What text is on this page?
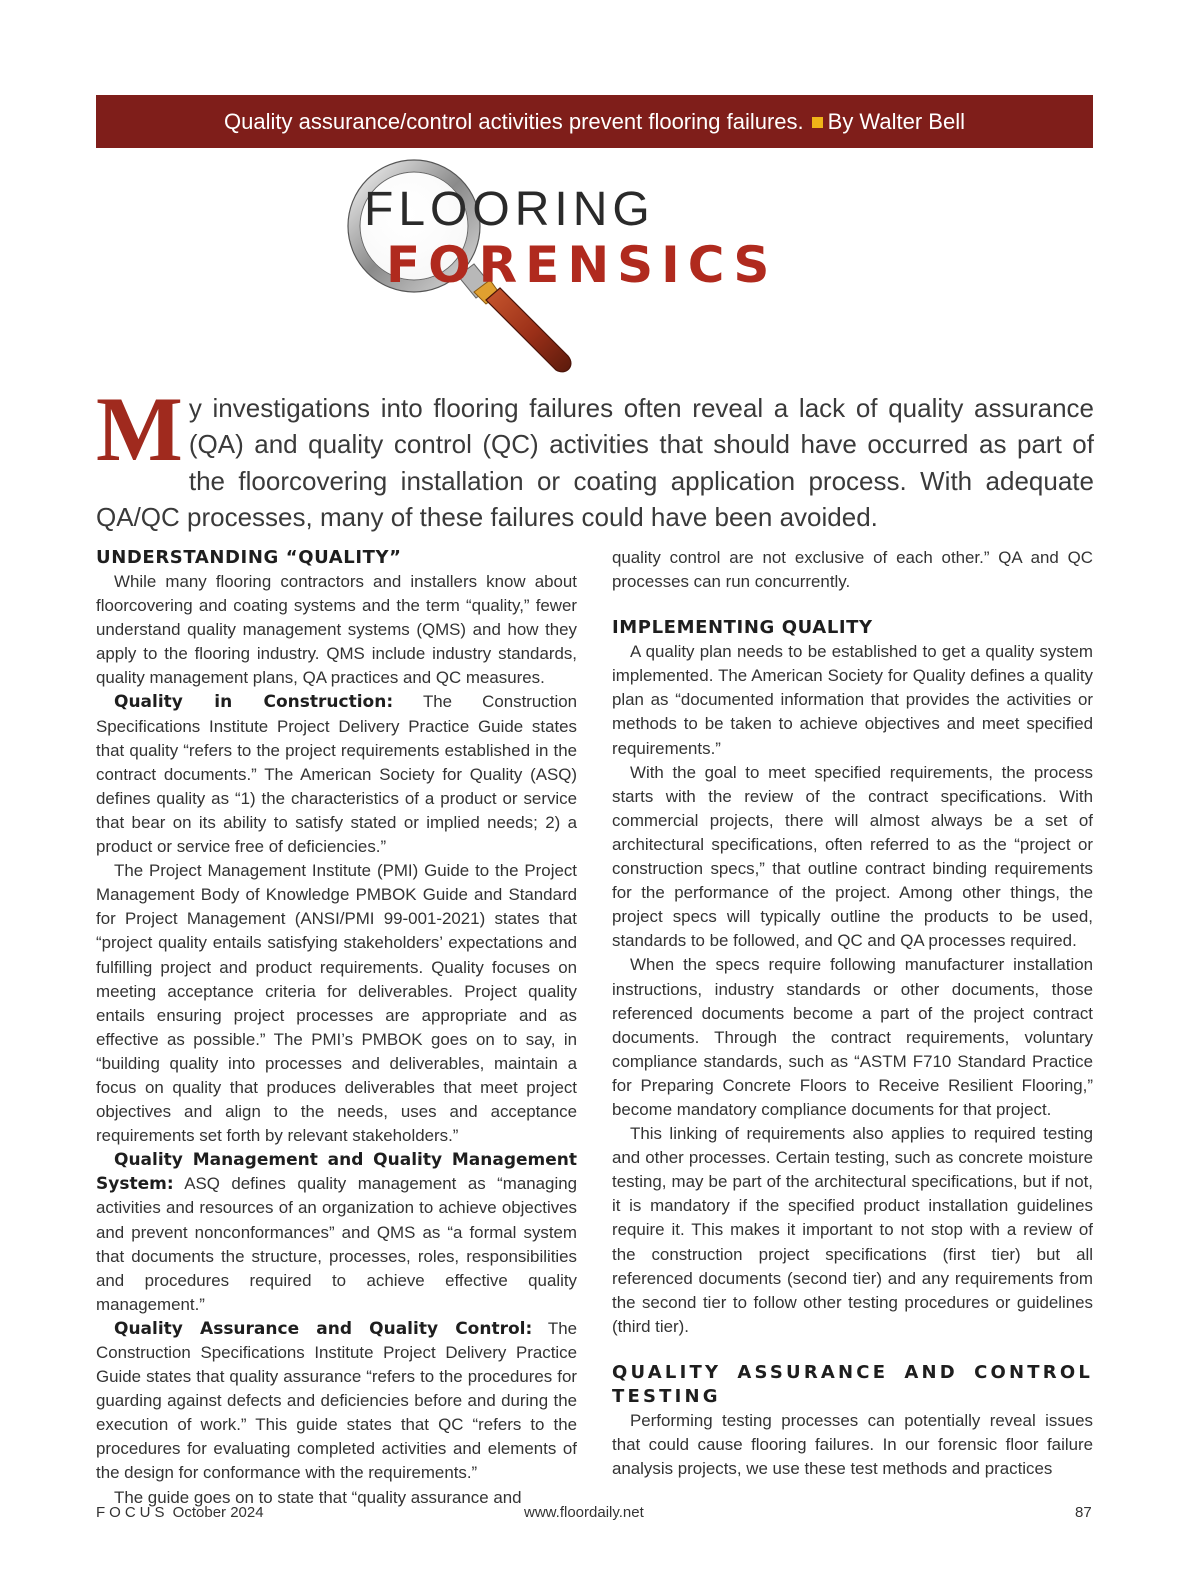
Quality assurance/control activities prevent flooring failures. By Walter Bell
FLOORING
FORENSICS
My investigations into flooring failures often reveal a lack of quality assurance (QA) and quality control (QC) activities that should have occurred as part of the floorcovering installation or coating application process. With adequate QA/QC processes, many of these failures could have been avoided.
UNDERSTANDING “QUALITY”

While many flooring contractors and installers know about floorcovering and coating systems and the term “quality,” fewer understand quality management systems (QMS) and how they apply to the flooring industry. QMS include industry standards, quality management plans, QA practices and QC measures.

Quality in Construction: The Construction Specifications Institute Project Delivery Practice Guide states that quality “refers to the project requirements established in the contract documents.” The American Society for Quality (ASQ) defines quality as “1) the characteristics of a product or service that bear on its ability to satisfy stated or implied needs; 2) a product or service free of deficiencies.”

The Project Management Institute (PMI) Guide to the Project Management Body of Knowledge PMBOK Guide and Standard for Project Management (ANSI/PMI 99-001-2021) states that “project quality entails satisfying stakeholders’ expectations and fulfilling project and product requirements. Quality focuses on meeting acceptance criteria for deliverables. Project quality entails ensuring project processes are appropriate and as effective as possible.” The PMI’s PMBOK goes on to say, in “building quality into processes and deliverables, maintain a focus on quality that produces deliverables that meet project objectives and align to the needs, uses and acceptance requirements set forth by relevant stakeholders.”

Quality Management and Quality Management System: ASQ defines quality management as “managing activities and resources of an organization to achieve objectives and prevent nonconformances” and QMS as “a formal system that documents the structure, processes, roles, responsibilities and procedures required to achieve effective quality management.”

Quality Assurance and Quality Control: The Construction Specifications Institute Project Delivery Practice Guide states that quality assurance “refers to the procedures for guarding against defects and deficiencies before and during the execution of work.” This guide states that QC “refers to the procedures for evaluating completed activities and elements of the design for conformance with the requirements.”

The guide goes on to state that “quality assurance and

quality control are not exclusive of each other.” QA and QC processes can run concurrently.

IMPLEMENTING QUALITY

A quality plan needs to be established to get a quality system implemented. The American Society for Quality defines a quality plan as “documented information that provides the activities or methods to be taken to achieve objectives and meet specified requirements.”

With the goal to meet specified requirements, the process starts with the review of the contract specifications. With commercial projects, there will almost always be a set of architectural specifications, often referred to as the “project or construction specs,” that outline contract binding requirements for the performance of the project. Among other things, the project specs will typically outline the products to be used, standards to be followed, and QC and QA processes required.

When the specs require following manufacturer installation instructions, industry standards or other documents, those referenced documents become a part of the project contract documents. Through the contract requirements, voluntary compliance standards, such as “ASTM F710 Standard Practice for Preparing Concrete Floors to Receive Resilient Flooring,” become mandatory compliance documents for that project.

This linking of requirements also applies to required testing and other processes. Certain testing, such as concrete moisture testing, may be part of the architectural specifications, but if not, it is mandatory if the specified product installation guidelines require it. This makes it important to not stop with a review of the construction project specifications (first tier) but all referenced documents (second tier) and any requirements from the second tier to follow other testing procedures or guidelines (third tier).

QUALITY ASSURANCE AND CONTROL TESTING

Performing testing processes can potentially reveal issues that could cause flooring failures. In our forensic floor failure analysis projects, we use these test methods and practices

FOCUS October 2024	www.floordaily.net	87
